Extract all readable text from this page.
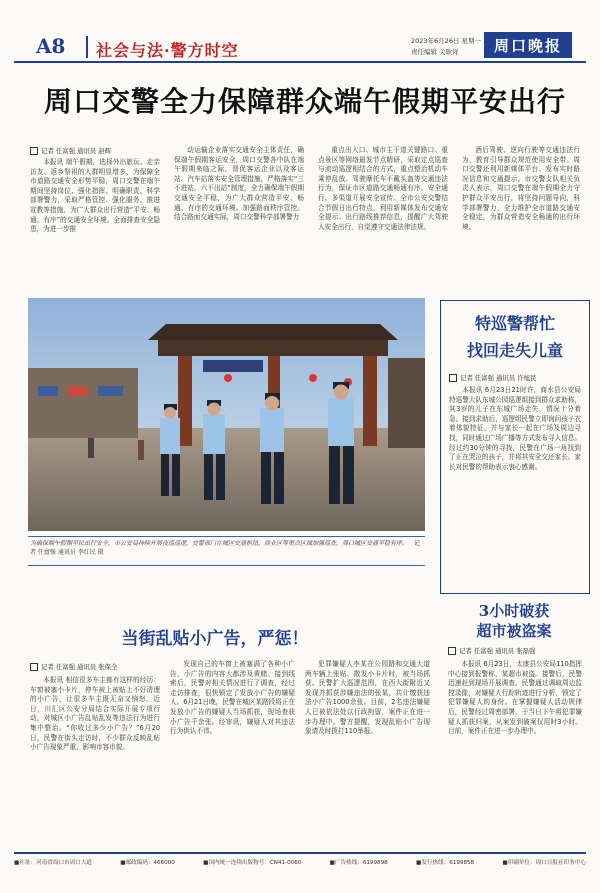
A8 社会与法·警方时空	2023年6月26日 星期一
责任编辑 关耿祥 周口晚报
周口交警全力保障群众端午假期平安出行
记者 任富强 通讯员 赵辉

本报讯 端午假期，选择外出旅玩、走亲访友、返乡祭祖的人群明显增多，为保障全市道路交通安全形势平稳，周口交警在端午期间坚持岗位、强化指挥、明确职责，科学部署警力，采取严格管控、强化服务、推进宣教等措施，为广大群众出行营造“平安、畅通、有序”的交通安全环境。全面排查安全隐患，为进一步推

动运输企业落实交通安全主体责任，确保端午假期客运安全，周口交警各中队在端午假期来临之际，督促客运企业以及客运站、汽车站落实安全管理措施，严格落实“三不进站、六不出站”制度，全力确保端午假期交通安全平稳，为广大群众营造平安、畅通、有序的交通环境。加强路面秩序管控。结合路面交通实际，周口交警科学部署警力

重点出入口、城市主干道关键路口、重点景区等网络最发节点精研，采取定点巡查与流动巡逻相结合的方式，重点整治机动车乘停乱放、驾驶摩托车不戴头盔等交通违法行为，保证市区道路交通畅通有序、安全通行。多渠道开展安全宣传。全市公安交警结合节假日出行特点，利用新媒体发布交通安全提示、出行路线推荐信息，提醒广大驾驶人安全出行，自觉遵守交通法律法规。

酒后驾驶、逆向行驶等交通违法行为，教育引导群众规范使用安全带。周口交警还利用新媒体平台、发布实时路况信息和交通提示。市交警支队相关负责人表示，周口交警在端午假期全力守护群众平安出行，将坚持问题导向，科学部署警力，全力维护全市道路交通安全稳定，为群众营造安全畅通的出行环境。

为确保端午假期平民出行安全，市公安局持续开展夜巡巡逻，交警部门在城区交通枢纽、商业区等重点区域加强巡查，周口城区交通平稳有序。 记者 任富强 通讯员 李红民 摄
特巡警帮忙
找回走失儿童
记者 任富强 通讯员 许旭民

本报讯 6月23日21时许，商水县公安局特巡警大队东城公园巡逻组接到群众求助称，其3岁的儿子在东城广场走失，情况十分着急。接到求助后，巡逻组民警立即询问孩子衣着体貌特征，并与家长一起在广场及周边寻找，同时通过广场广播等方式发布寻人信息。经过约30分钟的寻找，民警在广场一角找到了正在哭泣的孩子，并将其安全交还家长。家长对民警的帮助表示衷心感谢。

3小时破获
超市被盗案
记者 任富强 通讯员 张磊强

本报讯 6月23日，太康县公安局110指挥中心接到报警称，某超市被盗。接警后，民警迅速赶到现场开展调查。民警通过调取周边监控录像，对嫌疑人行踪轨迹进行分析，锁定了犯罪嫌疑人的身份。在掌握嫌疑人活动规律后，民警经过周密部署，于当日下午将犯罪嫌疑人抓获归案，从案发到破案仅用时3小时。目前，案件正在进一步办理中。

当街乱贴小广告，严惩！
记者 任富强 通讯员 张保全

本报讯 相信很多车主都有这样的经历：车窗被塞小卡片，停车被上被贴上不好清理的小广告，让很多车主既无奈又恼怒。近日，川汇区公安分局结合实际开展专项行动，对城区小广告乱贴乱发等违法行为进行集中整治。“你收过多少小广告？”6月20日，民警在街头走访时，不少群众反映乱贴小广告现象严重，影响市容市貌。

发现自己的车窗上被塞满了各种小广告，小广告的内容大都涉及黄赌。接到线索后，民警对相关情况进行了调查，经过走访排查，很快锁定了发放小广告的嫌疑人。6月21日晚，民警在城区某路段将正在发放小广告的嫌疑人当场抓获，现场查获小广告千余张。经审讯，嫌疑人对其违法行为供认不讳。

犯罪嫌疑人李某在公园路和交通大道两车辆上张贴、散发小卡片时，被当场抓获。民警扩大巡逻范围，在西大街附近又发现并抓获涉嫌违法的张某，共计缴获违法小广告1000余张。目前，2名违法嫌疑人已被依法处以行政拘留，案件正在进一步办理中。警方提醒，发现乱贴小广告现象请及时拨打110举报。

■社址：河南省周口市周口大道	■邮政编码：466000	■国内统一连续出版物号：CN41-0060	■广告热线：6199898	■发行热线：6199858	■印刷单位：周口日报社印务中心
